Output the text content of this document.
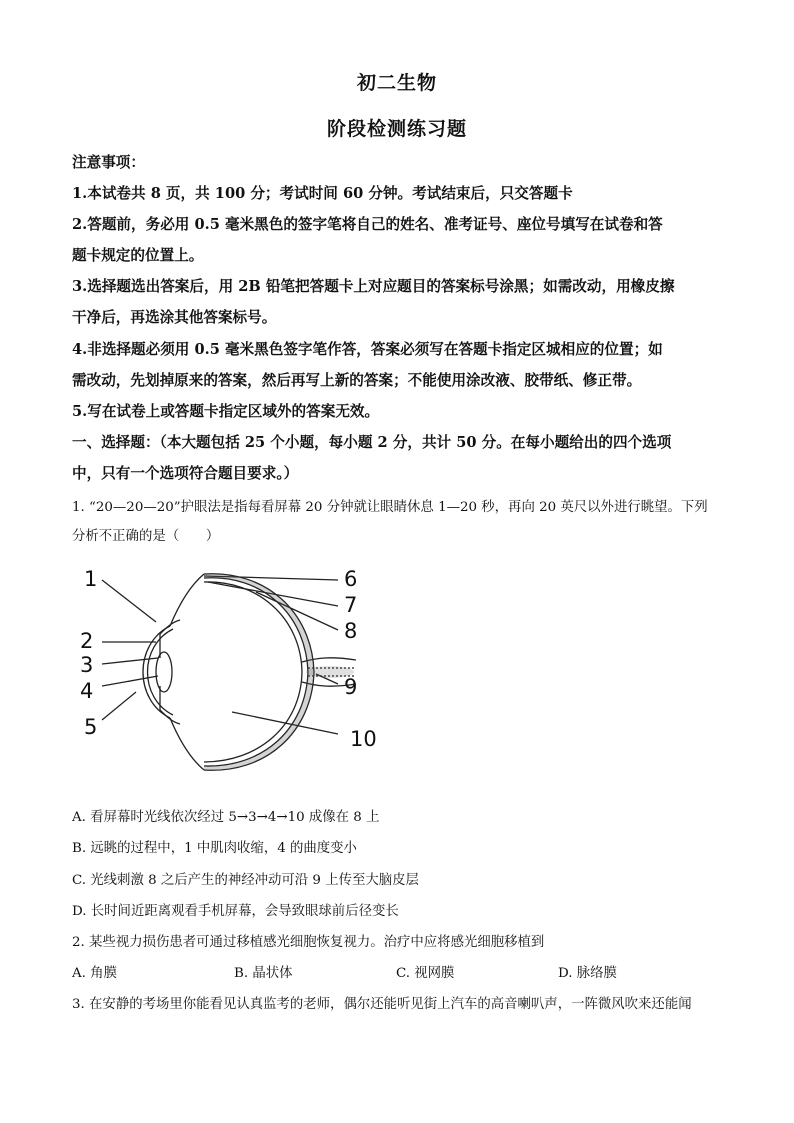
初二生物
阶段检测练习题
注意事项：
1.本试卷共 8 页，共 100 分；考试时间 60 分钟。考试结束后，只交答题卡
2.答题前，务必用 0.5 毫米黑色的签字笔将自己的姓名、准考证号、座位号填写在试卷和答
题卡规定的位置上。
3.选择题选出答案后，用 2B 铅笔把答题卡上对应题目的答案标号涂黑；如需改动，用橡皮擦
干净后，再选涂其他答案标号。
4.非选择题必须用 0.5 毫米黑色签字笔作答，答案必须写在答题卡指定区城相应的位置；如
需改动，先划掉原来的答案，然后再写上新的答案；不能使用涂改液、胶带纸、修正带。
5.写在试卷上或答题卡指定区域外的答案无效。
一、选择题：（本大题包括 25 个小题，每小题 2 分，共计 50 分。在每小题给出的四个选项
中，只有一个选项符合题目要求。）
1. “20—20—20”护眼法是指每看屏幕 20 分钟就让眼睛休息 1—20 秒，再向 20 英尺以外进行眺望。下列
分析不正确的是（　　）
1
2
3
4
5
6
7
8
9
10
A. 看屏幕时光线依次经过 5→3→4→10 成像在 8 上
B. 远眺的过程中，1 中肌肉收缩，4 的曲度变小
C. 光线刺激 8 之后产生的神经冲动可沿 9 上传至大脑皮层
D. 长时间近距离观看手机屏幕，会导致眼球前后径变长
2. 某些视力损伤患者可通过移植感光细胞恢复视力。治疗中应将感光细胞移植到
A. 角膜	B. 晶状体	C. 视网膜	D. 脉络膜
3. 在安静的考场里你能看见认真监考的老师，偶尔还能听见街上汽车的高音喇叭声，一阵微风吹来还能闻
